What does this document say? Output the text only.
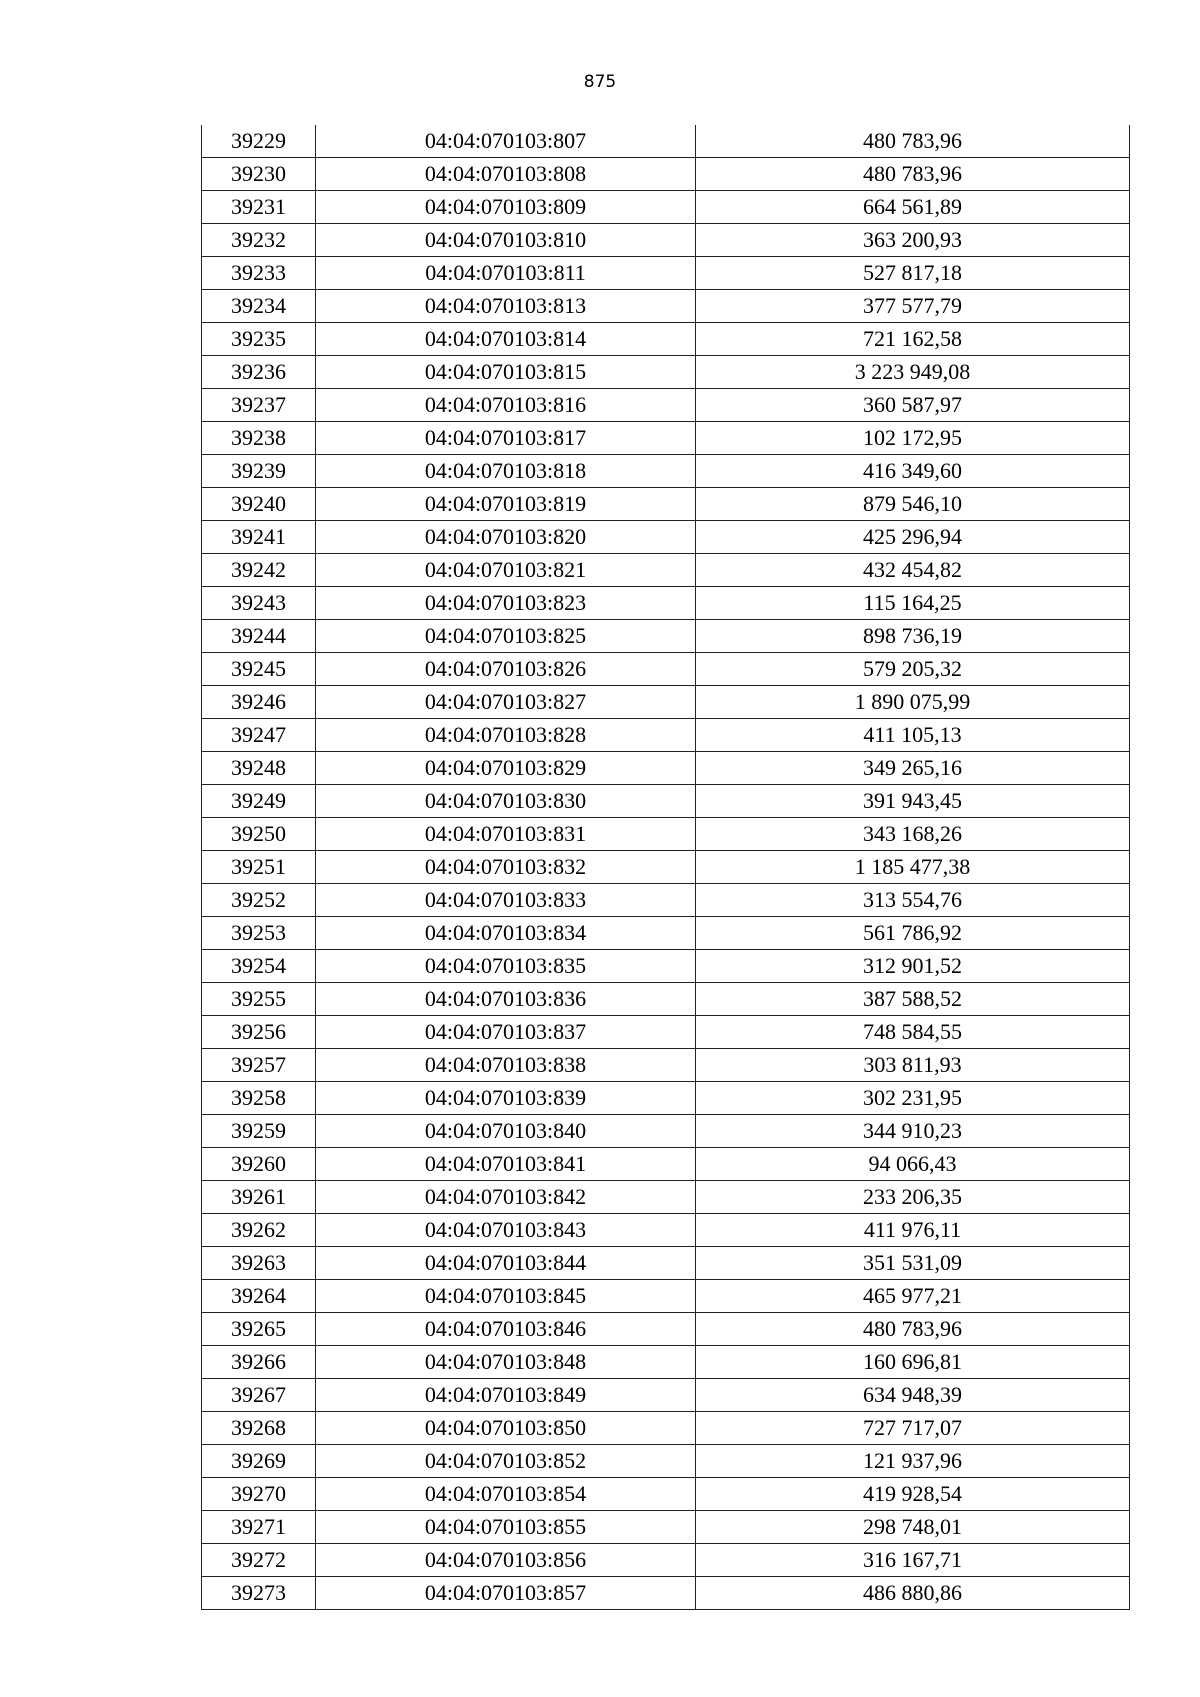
875
39229	04:04:070103:807	480 783,96
39230	04:04:070103:808	480 783,96
39231	04:04:070103:809	664 561,89
39232	04:04:070103:810	363 200,93
39233	04:04:070103:811	527 817,18
39234	04:04:070103:813	377 577,79
39235	04:04:070103:814	721 162,58
39236	04:04:070103:815	3 223 949,08
39237	04:04:070103:816	360 587,97
39238	04:04:070103:817	102 172,95
39239	04:04:070103:818	416 349,60
39240	04:04:070103:819	879 546,10
39241	04:04:070103:820	425 296,94
39242	04:04:070103:821	432 454,82
39243	04:04:070103:823	115 164,25
39244	04:04:070103:825	898 736,19
39245	04:04:070103:826	579 205,32
39246	04:04:070103:827	1 890 075,99
39247	04:04:070103:828	411 105,13
39248	04:04:070103:829	349 265,16
39249	04:04:070103:830	391 943,45
39250	04:04:070103:831	343 168,26
39251	04:04:070103:832	1 185 477,38
39252	04:04:070103:833	313 554,76
39253	04:04:070103:834	561 786,92
39254	04:04:070103:835	312 901,52
39255	04:04:070103:836	387 588,52
39256	04:04:070103:837	748 584,55
39257	04:04:070103:838	303 811,93
39258	04:04:070103:839	302 231,95
39259	04:04:070103:840	344 910,23
39260	04:04:070103:841	94 066,43
39261	04:04:070103:842	233 206,35
39262	04:04:070103:843	411 976,11
39263	04:04:070103:844	351 531,09
39264	04:04:070103:845	465 977,21
39265	04:04:070103:846	480 783,96
39266	04:04:070103:848	160 696,81
39267	04:04:070103:849	634 948,39
39268	04:04:070103:850	727 717,07
39269	04:04:070103:852	121 937,96
39270	04:04:070103:854	419 928,54
39271	04:04:070103:855	298 748,01
39272	04:04:070103:856	316 167,71
39273	04:04:070103:857	486 880,86
